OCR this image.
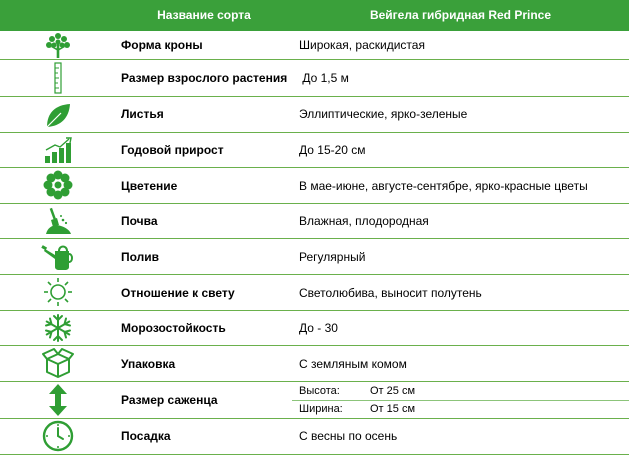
Название сорта	Вейгела гибридная Red Prince
Форма кроны	Широкая, раскидистая
Размер взрослого растения До 1,5 м
Листья	Эллиптические, ярко-зеленые
Годовой прирост	До 15-20 см
Цветение	В мае-июне, августе-сентябре, ярко-красные цветы
Почва	Влажная, плодородная
Полив	Регулярный
Отношение к свету	Светолюбива, выносит полутень
Морозостойкость	До - 30
Упаковка	С земляным комом
Размер саженца
Высота:	От 25 см
Ширина: От 15 см
Посадка	С весны по осень
